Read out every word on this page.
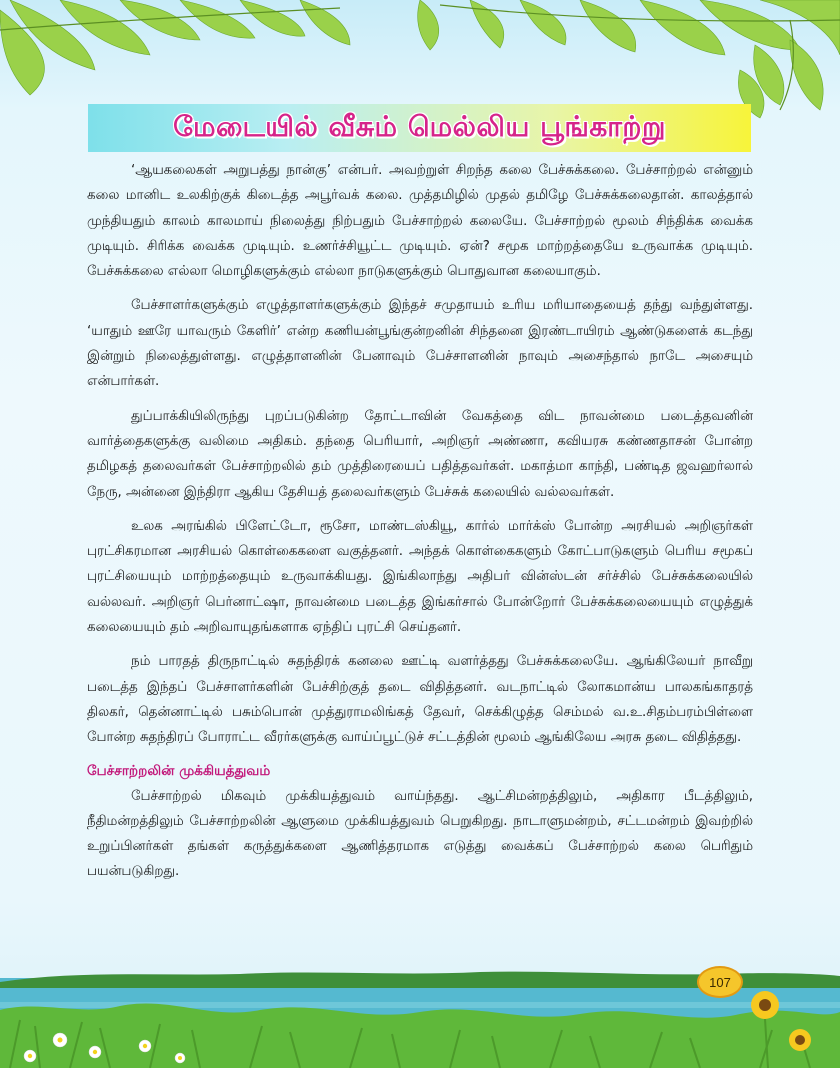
மேடையில் வீசும் மெல்லிய பூங்காற்று

‘ஆயகலைகள் அறுபத்து நான்கு’ என்பர். அவற்றுள் சிறந்த கலை பேச்சுக்கலை. பேச்சாற்றல் என்னும் கலை மானிட உலகிற்குக் கிடைத்த அபூர்வக் கலை. முத்தமிழில் முதல் தமிழே பேச்சுக்கலைதான். காலத்தால் முந்தியதும் காலம் காலமாய் நிலைத்து நிற்பதும் பேச்சாற்றல் கலையே. பேச்சாற்றல் மூலம் சிந்திக்க வைக்க முடியும். சிரிக்க வைக்க முடியும். உணர்ச்சியூட்ட முடியும். ஏன்? சமூக மாற்றத்தையே உருவாக்க முடியும். பேச்சுக்கலை எல்லா மொழிகளுக்கும் எல்லா நாடுகளுக்கும் பொதுவான கலையாகும்.

பேச்சாளர்களுக்கும் எழுத்தாளர்களுக்கும் இந்தச் சமுதாயம் உரிய மரியாதையைத் தந்து வந்துள்ளது. ‘யாதும் ஊரே யாவரும் கேளிர்’ என்ற கணியன்பூங்குன்றனின் சிந்தனை இரண்டாயிரம் ஆண்டுகளைக் கடந்து இன்றும் நிலைத்துள்ளது. எழுத்தாளனின் பேனாவும் பேச்சாளனின் நாவும் அசைந்தால் நாடே அசையும் என்பார்கள்.

துப்பாக்கியிலிருந்து புறப்படுகின்ற தோட்டாவின் வேகத்தை விட நாவன்மை படைத்தவனின் வார்த்தைகளுக்கு வலிமை அதிகம். தந்தை பெரியார், அறிஞர் அண்ணா, கவியரசு கண்ணதாசன் போன்ற தமிழகத் தலைவர்கள் பேச்சாற்றலில் தம் முத்திரையைப் பதித்தவர்கள். மகாத்மா காந்தி, பண்டித ஜவஹர்லால் நேரு, அன்னை இந்திரா ஆகிய தேசியத் தலைவர்களும் பேச்சுக் கலையில் வல்லவர்கள்.

உலக அரங்கில் பிளேட்டோ, ரூசோ, மாண்டஸ்கியூ, கார்ல் மார்க்ஸ் போன்ற அரசியல் அறிஞர்கள் புரட்சிகரமான அரசியல் கொள்கைகளை வகுத்தனர். அந்தக் கொள்கைகளும் கோட்பாடுகளும் பெரிய சமூகப் புரட்சியையும் மாற்றத்தையும் உருவாக்கியது. இங்கிலாந்து அதிபர் வின்ஸ்டன் சர்ச்சில் பேச்சுக்கலையில் வல்லவர். அறிஞர் பெர்னாட்ஷா, நாவன்மை படைத்த இங்கர்சால் போன்றோர் பேச்சுக்கலையையும் எழுத்துக் கலையையும் தம் அறிவாயுதங்களாக ஏந்திப் புரட்சி செய்தனர்.

நம் பாரதத் திருநாட்டில் சுதந்திரக் கனலை ஊட்டி வளர்த்தது பேச்சுக்கலையே. ஆங்கிலேயர் நாவீறு படைத்த இந்தப் பேச்சாளர்களின் பேச்சிற்குத் தடை விதித்தனர். வடநாட்டில் லோகமான்ய பாலகங்காதரத் திலகர், தென்னாட்டில் பசும்பொன் முத்துராமலிங்கத் தேவர், செக்கிழுத்த செம்மல் வ.உ.சிதம்பரம்பிள்ளை போன்ற சுதந்திரப் போராட்ட வீரர்களுக்கு வாய்ப்பூட்டுச் சட்டத்தின் மூலம் ஆங்கிலேய அரசு தடை விதித்தது.

பேச்சாற்றலின் முக்கியத்துவம்

பேச்சாற்றல் மிகவும் முக்கியத்துவம் வாய்ந்தது. ஆட்சிமன்றத்திலும், அதிகார பீடத்திலும், நீதிமன்றத்திலும் பேச்சாற்றலின் ஆளுமை முக்கியத்துவம் பெறுகிறது. நாடாளுமன்றம், சட்டமன்றம் இவற்றில் உறுப்பினர்கள் தங்கள் கருத்துக்களை ஆணித்தரமாக எடுத்து வைக்கப் பேச்சாற்றல் கலை பெரிதும் பயன்படுகிறது.

107
